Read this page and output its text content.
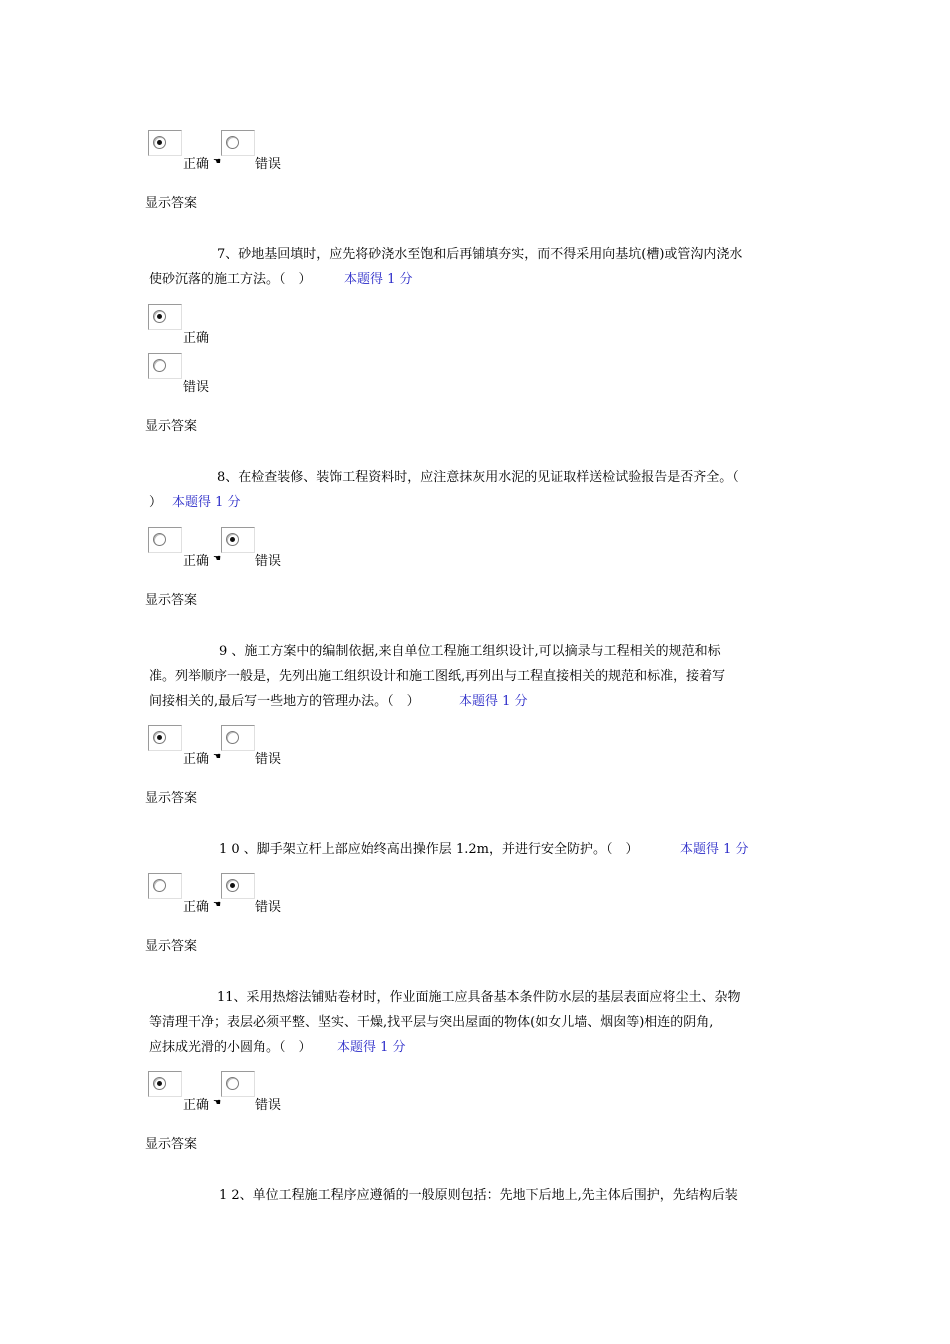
正确 ☚	错误
显示答案
7、砂地基回填时，应先将砂浇水至饱和后再铺填夯实，而不得采用向基坑(槽)或管沟内浇水
使砂沉落的施工方法。（　） 本题得 1 分
正确
错误
显示答案
8、在检查装修、装饰工程资料时，应注意抹灰用水泥的见证取样送检试验报告是否齐全。（
） 本题得 1 分
正确 ☚	错误
显示答案
9 、施工方案中的编制依据,来自单位工程施工组织设计,可以摘录与工程相关的规范和标
准。列举顺序一般是，先列出施工组织设计和施工图纸,再列出与工程直接相关的规范和标准，接着写
间接相关的,最后写一些地方的管理办法。（　）	本题得 1 分
正确 ☚	错误
显示答案
1 0 、脚手架立杆上部应始终高出操作层 1.2m，并进行安全防护。（　）	本题得 1 分
正确 ☚	错误
显示答案
11、采用热熔法铺贴卷材时，作业面施工应具备基本条件防水层的基层表面应将尘土、杂物
等清理干净；表层必须平整、坚实、干燥,找平层与突出屋面的物体(如女儿墙、烟囱等)相连的阴角,
应抹成光滑的小圆角。（　） 本题得 1 分
正确 ☚	错误
显示答案
1 2、单位工程施工程序应遵循的一般原则包括：先地下后地上,先主体后围护，先结构后装
